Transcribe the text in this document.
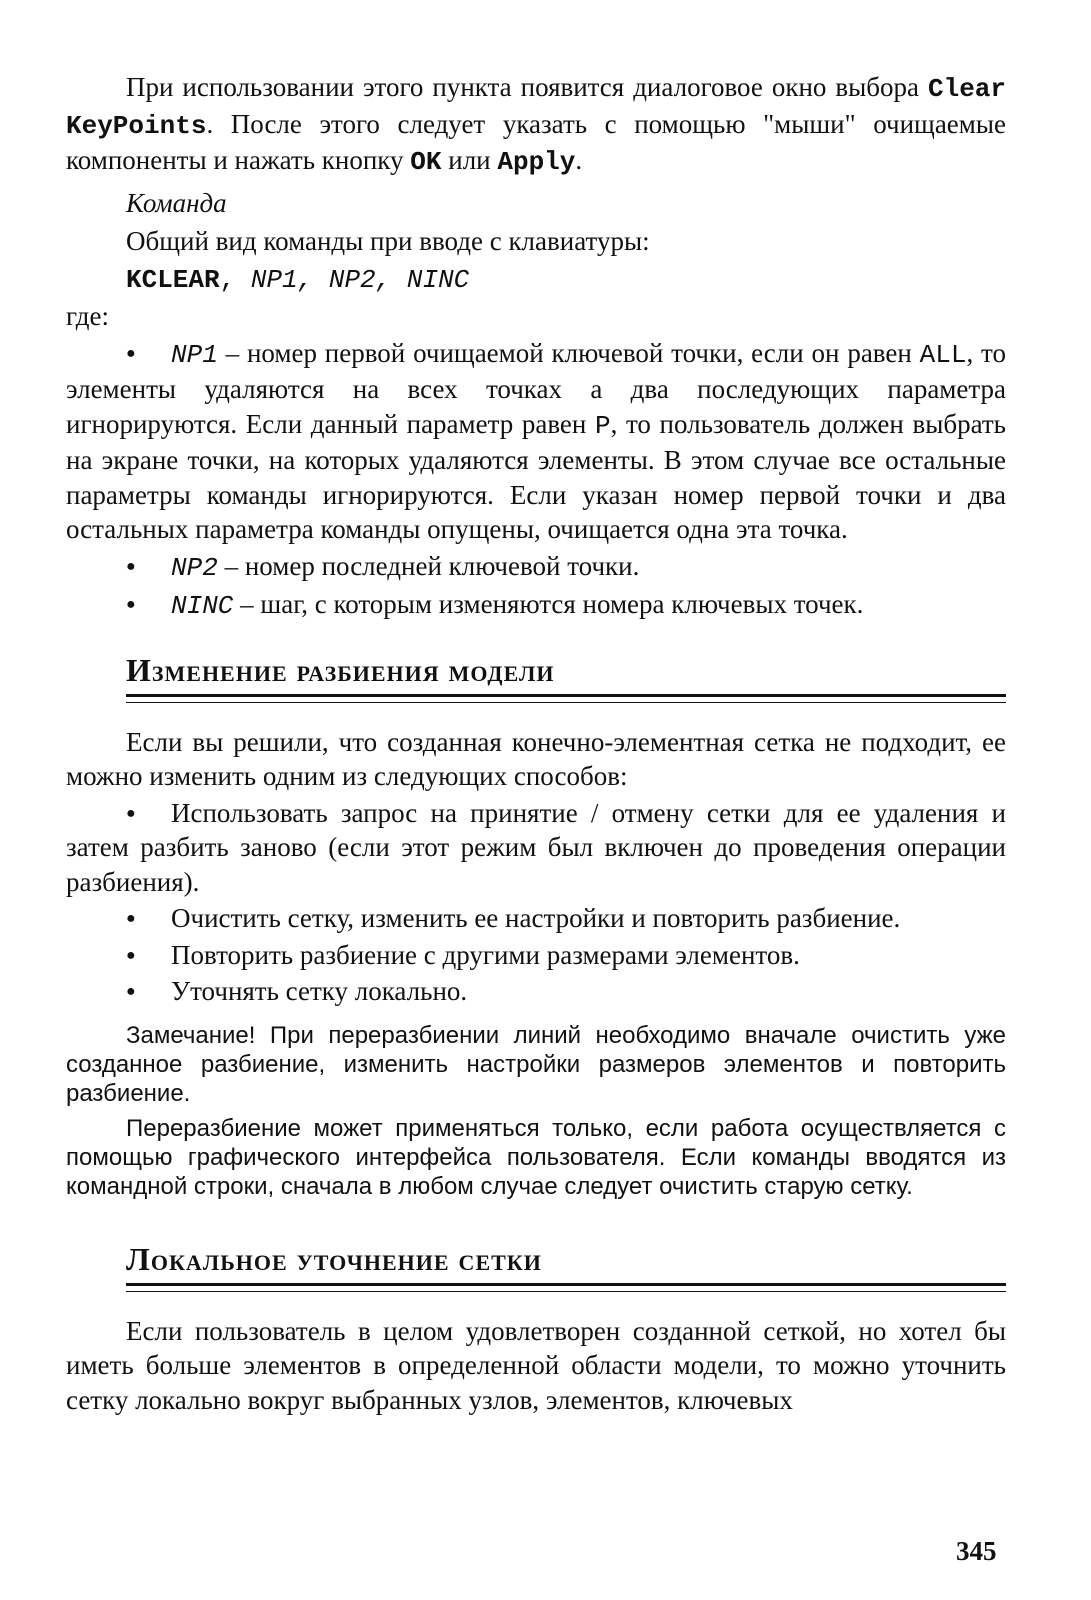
При использовании этого пункта появится диалоговое окно выбора Clear KeyPoints. После этого следует указать с помощью "мыши" очищаемые компоненты и нажать кнопку OK или Apply.

Команда

Общий вид команды при вводе с клавиатуры:

KCLEAR, NP1, NP2, NINC

где:

NP1 – номер первой очищаемой ключевой точки, если он равен ALL, то элементы удаляются на всех точках а два последующих параметра игнорируются. Если данный параметр равен P, то пользователь должен выбрать на экране точки, на которых удаляются элементы. В этом случае все остальные параметры команды игнорируются. Если указан номер первой точки и два остальных параметра команды опущены, очищается одна эта точка.

NP2 – номер последней ключевой точки.

NINC – шаг, с которым изменяются номера ключевых точек.

Изменение разбиения модели

Если вы решили, что созданная конечно-элементная сетка не подходит, ее можно изменить одним из следующих способов:

Использовать запрос на принятие / отмену сетки для ее удаления и затем разбить заново (если этот режим был включен до проведения операции разбиения).

Очистить сетку, изменить ее настройки и повторить разбиение.

Повторить разбиение с другими размерами элементов.

Уточнять сетку локально.

Замечание! При переразбиении линий необходимо вначале очистить уже созданное разбиение, изменить настройки размеров элементов и повторить разбиение.

Переразбиение может применяться только, если работа осуществляется с помощью графического интерфейса пользователя. Если команды вводятся из командной строки, сначала в любом случае следует очистить старую сетку.

Локальное уточнение сетки

Если пользователь в целом удовлетворен созданной сеткой, но хотел бы иметь больше элементов в определенной области модели, то можно уточнить сетку локально вокруг выбранных узлов, элементов, ключевых

345
